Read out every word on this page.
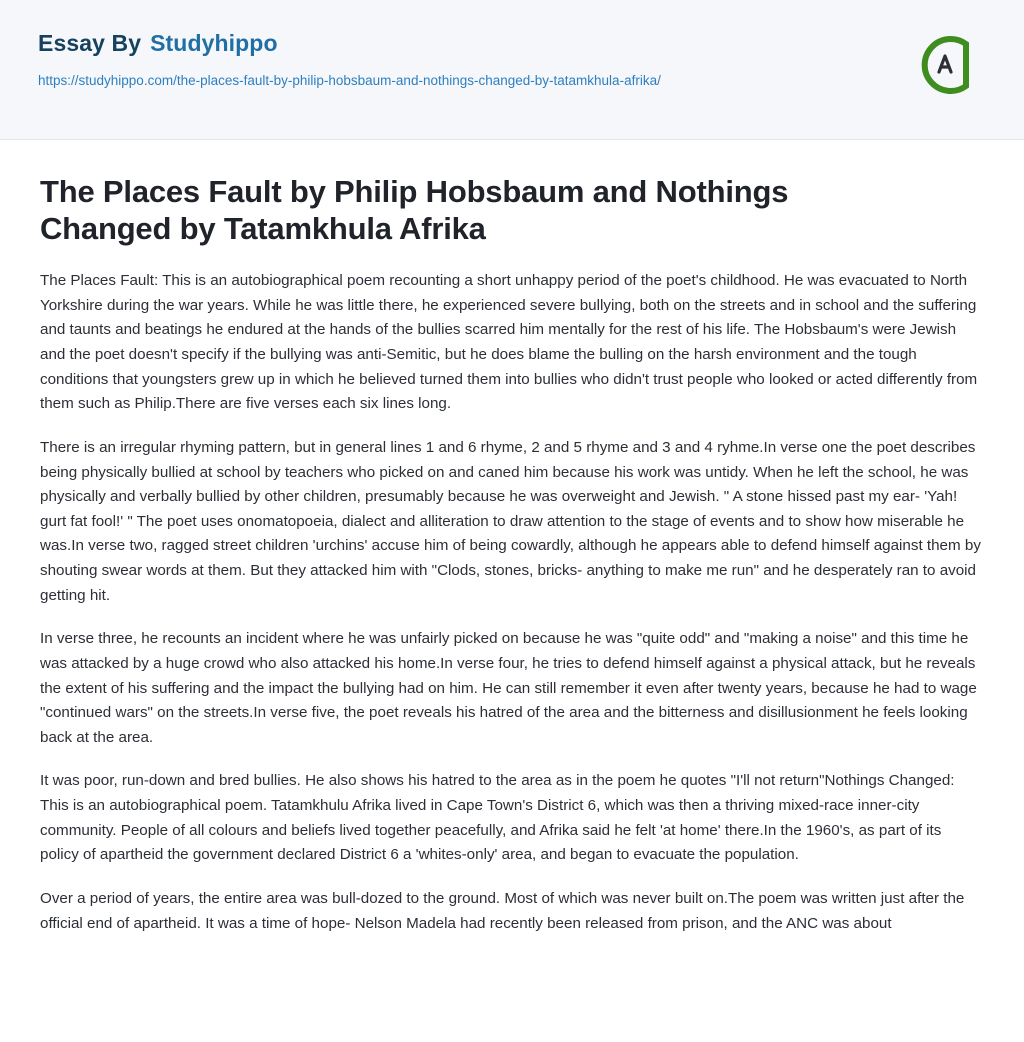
Essay By Studyhippo
https://studyhippo.com/the-places-fault-by-philip-hobsbaum-and-nothings-changed-by-tatamkhula-afrika/
The Places Fault by Philip Hobsbaum and Nothings Changed by Tatamkhula Afrika

The Places Fault: This is an autobiographical poem recounting a short unhappy period of the poet's childhood. He was evacuated to North Yorkshire during the war years. While he was little there, he experienced severe bullying, both on the streets and in school and the suffering and taunts and beatings he endured at the hands of the bullies scarred him mentally for the rest of his life. The Hobsbaum's were Jewish and the poet doesn't specify if the bullying was anti-Semitic, but he does blame the bulling on the harsh environment and the tough conditions that youngsters grew up in which he believed turned them into bullies who didn't trust people who looked or acted differently from them such as Philip.There are five verses each six lines long.

There is an irregular rhyming pattern, but in general lines 1 and 6 rhyme, 2 and 5 rhyme and 3 and 4 ryhme.In verse one the poet describes being physically bullied at school by teachers who picked on and caned him because his work was untidy. When he left the school, he was physically and verbally bullied by other children, presumably because he was overweight and Jewish. " A stone hissed past my ear- 'Yah! gurt fat fool!' " The poet uses onomatopoeia, dialect and alliteration to draw attention to the stage of events and to show how miserable he was.In verse two, ragged street children 'urchins' accuse him of being cowardly, although he appears able to defend himself against them by shouting swear words at them. But they attacked him with "Clods, stones, bricks- anything to make me run" and he desperately ran to avoid getting hit.

In verse three, he recounts an incident where he was unfairly picked on because he was "quite odd" and "making a noise" and this time he was attacked by a huge crowd who also attacked his home.In verse four, he tries to defend himself against a physical attack, but he reveals the extent of his suffering and the impact the bullying had on him. He can still remember it even after twenty years, because he had to wage "continued wars" on the streets.In verse five, the poet reveals his hatred of the area and the bitterness and disillusionment he feels looking back at the area.

It was poor, run-down and bred bullies. He also shows his hatred to the area as in the poem he quotes "I'll not return"Nothings Changed: This is an autobiographical poem. Tatamkhulu Afrika lived in Cape Town's District 6, which was then a thriving mixed-race inner-city community. People of all colours and beliefs lived together peacefully, and Afrika said he felt 'at home' there.In the 1960's, as part of its policy of apartheid the government declared District 6 a 'whites-only' area, and began to evacuate the population.

Over a period of years, the entire area was bull-dozed to the ground. Most of which was never built on.The poem was written just after the official end of apartheid. It was a time of hope- Nelson Madela had recently been released from prison, and the ANC was about
